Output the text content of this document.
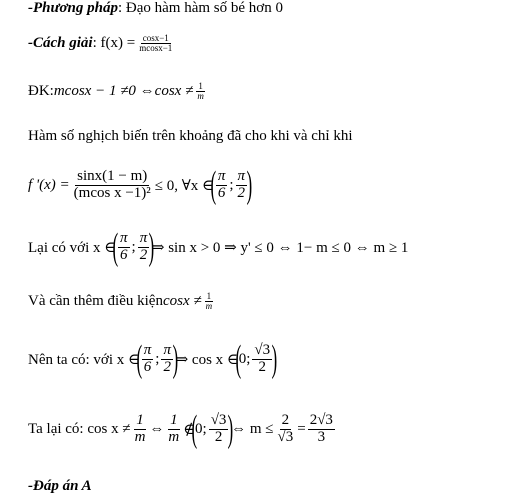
-Phương pháp : Đạo hàm hàm số bé hơn 0
-Cách giải : $f(x) = \frac{\cos x-1}{mcosx-1}$
ĐK: mcosx − 1 ≠0 ⇔cosx ≠ $\frac{1}{m}$
Hàm số nghịch biến trên khoảng đã cho khi và chỉ khi
f '$(x) = \frac{\sin x(1 - m)}{\text{(mcos x −1)²}} \le 0$, ∀x ∈
( $\frac{\pi}{6}$ ; $\frac{\pi}{2}$ )
Lại có với x ∈
( $\frac{\pi}{6}$ ; $\frac{\pi}{2}$ )
⇒ sin x > 0 ⇒ y' ≤ 0 ⇔ 1− m ≤ 0 ⇔ m ≥ 1
Và cần thêm điều kiện $\cos x \ne \frac{1}{m}$
Nên ta có: với x ∈
( $\frac{\pi}{6}$ ; $\frac{\pi}{2}$ )
⇒ cos x ∈
(
0; $\frac{√3}{2}$ )
Ta lại có: $\cos x \ne \frac{1}{m}$ ⇔ $\frac{1}{m}$ ∉
(
0; $\frac{√3}{2}$ )
⇔ $m \le \frac{2}{√3} = \frac{2√3}{3}$
-Đáp án A
